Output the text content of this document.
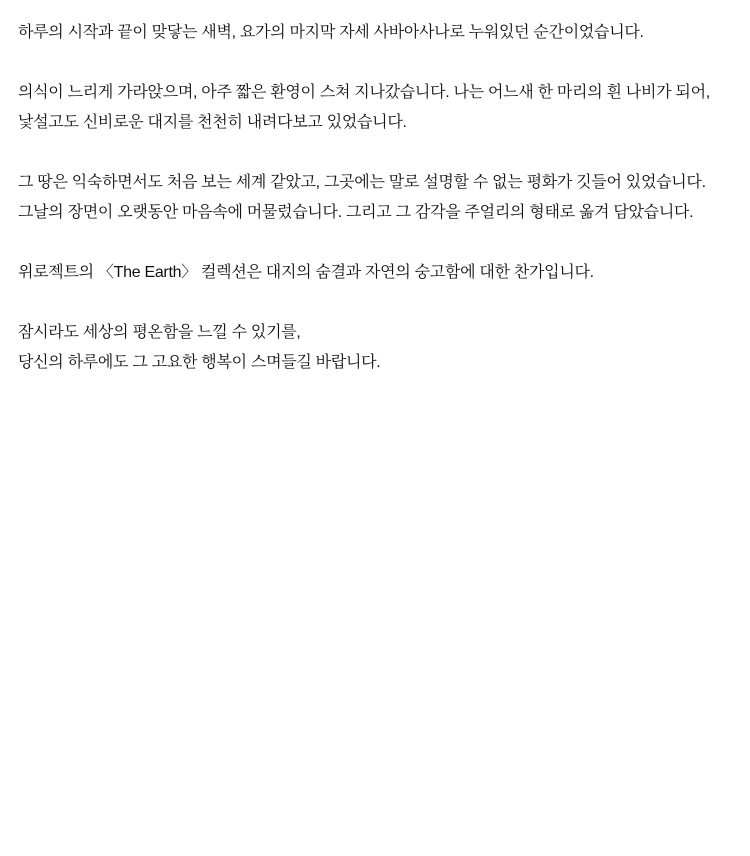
하루의 시작과 끝이 맞닿는 새벽, 요가의 마지막 자세 사바아사나로 누워있던 순간이었습니다.
의식이 느리게 가라앉으며, 아주 짧은 환영이 스쳐 지나갔습니다. 나는 어느새 한 마리의 흰 나비가 되어,
낯설고도 신비로운 대지를 천천히 내려다보고 있었습니다.
그 땅은 익숙하면서도 처음 보는 세계 같았고, 그곳에는 말로 설명할 수 없는 평화가 깃들어 있었습니다.
그날의 장면이 오랫동안 마음속에 머물렀습니다. 그리고 그 감각을 주얼리의 형태로 옮겨 담았습니다.
위로젝트의 〈The Earth〉 컬렉션은 대지의 숨결과 자연의 숭고함에 대한 찬가입니다.
잠시라도 세상의 평온함을 느낄 수 있기를,
당신의 하루에도 그 고요한 행복이 스며들길 바랍니다.
